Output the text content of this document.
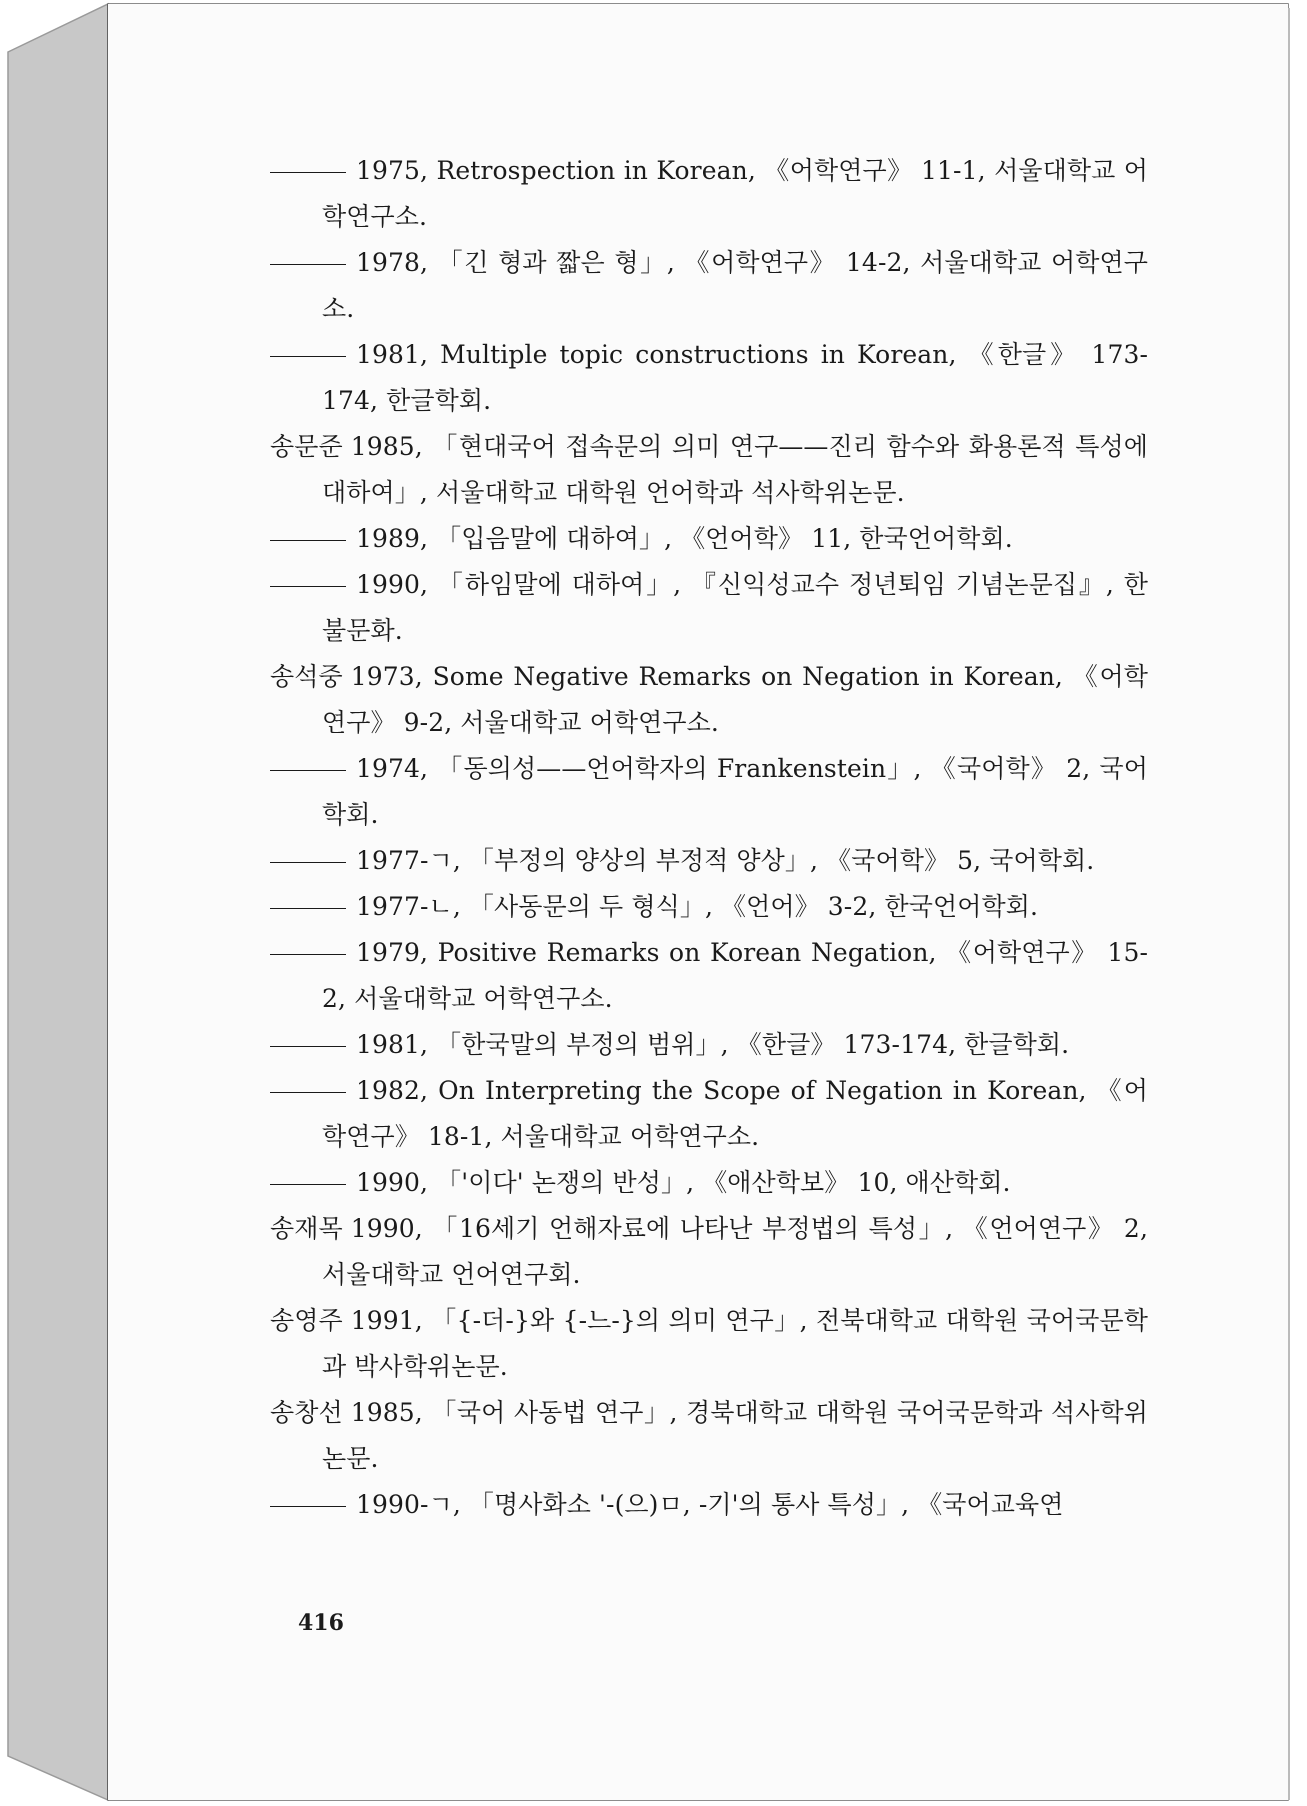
1975, Retrospection in Korean, 《어학연구》 11-1, 서울대학교 어학연구소.
1978, 「긴 형과 짧은 형」, 《어학연구》 14-2, 서울대학교 어학연구소.
1981, Multiple topic constructions in Korean, 《한글》 173-174, 한글학회.
송문준 1985, 「현대국어 접속문의 의미 연구——진리 함수와 화용론적 특성에 대하여」, 서울대학교 대학원 언어학과 석사학위논문.
1989, 「입음말에 대하여」, 《언어학》 11, 한국언어학회.
1990, 「하임말에 대하여」, 『신익성교수 정년퇴임 기념논문집』, 한불문화.
송석중 1973, Some Negative Remarks on Negation in Korean, 《어학연구》 9-2, 서울대학교 어학연구소.
1974, 「동의성——언어학자의 Frankenstein」, 《국어학》 2, 국어학회.
1977-ㄱ, 「부정의 양상의 부정적 양상」, 《국어학》 5, 국어학회.
1977-ㄴ, 「사동문의 두 형식」, 《언어》 3-2, 한국언어학회.
1979, Positive Remarks on Korean Negation, 《어학연구》 15-2, 서울대학교 어학연구소.
1981, 「한국말의 부정의 범위」, 《한글》 173-174, 한글학회.
1982, On Interpreting the Scope of Negation in Korean, 《어학연구》 18-1, 서울대학교 어학연구소.
1990, 「'이다' 논쟁의 반성」, 《애산학보》 10, 애산학회.
송재목 1990, 「16세기 언해자료에 나타난 부정법의 특성」, 《언어연구》 2, 서울대학교 언어연구회.
송영주 1991, 「{-더-}와 {-느-}의 의미 연구」, 전북대학교 대학원 국어국문학과 박사학위논문.
송창선 1985, 「국어 사동법 연구」, 경북대학교 대학원 국어국문학과 석사학위논문.
1990-ㄱ, 「명사화소 '-(으)ㅁ, -기'의 통사 특성」, 《국어교육연
416
